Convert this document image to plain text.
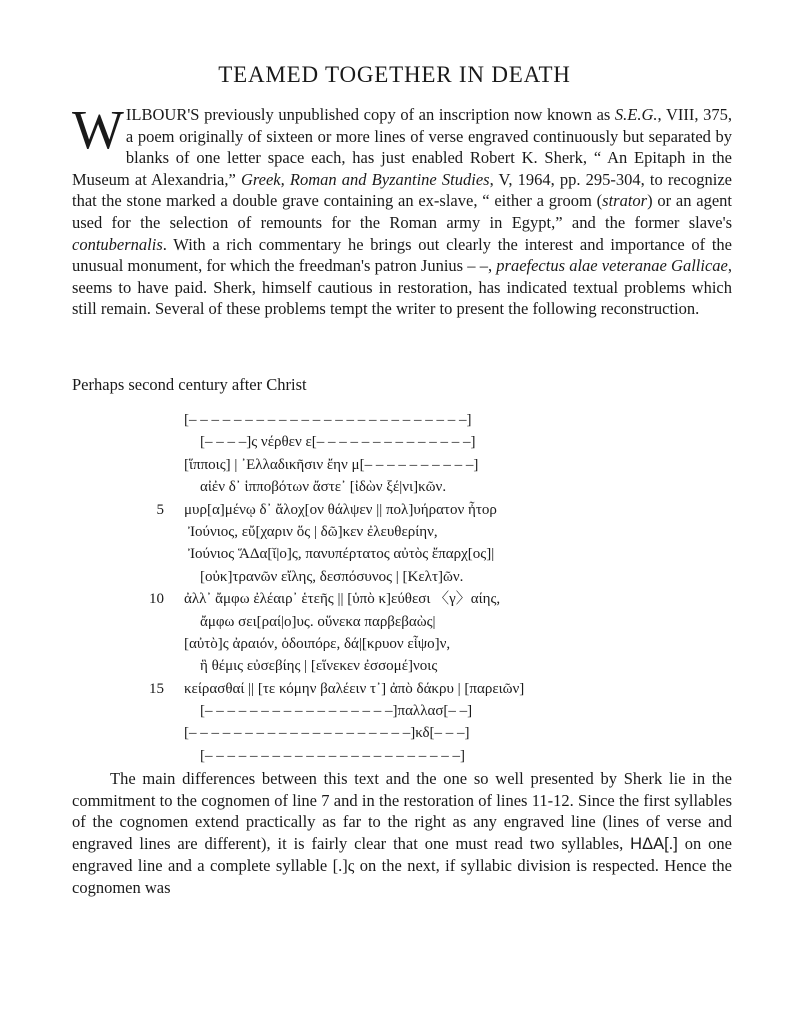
TEAMED TOGETHER IN DEATH

WILBOUR'S previously unpublished copy of an inscription now known as S.E.G., VIII, 375, a poem originally of sixteen or more lines of verse engraved continuously but separated by blanks of one letter space each, has just enabled Robert K. Sherk, “ An Epitaph in the Museum at Alexandria,” Greek, Roman and Byzantine Studies, V, 1964, pp. 295-304, to recognize that the stone marked a double grave containing an ex-slave, “ either a groom (strator) or an agent used for the selection of remounts for the Roman army in Egypt,” and the former slave's contubernalis. With a rich commentary he brings out clearly the interest and importance of the unusual monument, for which the freedman's patron Junius – –, praefectus alae veteranae Gallicae, seems to have paid. Sherk, himself cautious in restoration, has indicated textual problems which still remain. Several of these problems tempt the writer to present the following reconstruction.

Perhaps second century after Christ
[– – – – – – – – – – – – – – – – – – – – – – – – –]
[– – – –]ς νέρθεν ε[– – – – – – – – – – – – – –]
[ἵπποις] | ᾿Ελλαδικῆσιν ἔην μ[– – – – – – – – – –]
αἰἐν δ᾿ ἱπποβότων ἄστε᾿ [ἰδὼν ξέ|νι]κῶν.
5 μυρ[α]μένῳ δ᾿ ἄλοχ[ον θάλψεν || πολ]υήρατον ἦτορ
Ἰούνιος, εὔ[χαριν ὅς | δῶ]κεν ἐλευθερίην,
Ἰούνιος ἍΔα[ῐ|ο]ς, πανυπέρτατος αὐτὸς ἔπαρχ[ος]|
[οὐκ]τρανῶν εἴλης, δεσπόσυνος | [Κελτ]ῶν.
10 ἀλλ᾿ ἄμφω ἐλέαιρ᾿ ἑτεῆς || [ὑπὸ κ]εύθεσι 〈γ〉αίης,
ἄμφω σει[ραί|ο]υς. οὕνεκα παρβεβαὼς|
[αὐτὸ]ς ἀραιόν, ὁδοιπόρε, δά|[κρυον εἷψο]ν,
ἣ θέμις εὐσεβίης | [εἵνεκεν ἐσσομέ]νοις
15 κείρασθαί || [τε κόμην βαλέειν τ᾿] ἀπὸ δάκρυ | [παρειῶν]
[– – – – – – – – – – – – – – – – –]παλλασ[– –]
[– – – – – – – – – – – – – – – – – – – –]κδ[– – –]
[– – – – – – – – – – – – – – – – – – – – – – –]

The main differences between this text and the one so well presented by Sherk lie in the commitment to the cognomen of line 7 and in the restoration of lines 11-12. Since the first syllables of the cognomen extend practically as far to the right as any engraved line (lines of verse and engraved lines are different), it is fairly clear that one must read two syllables, HΔA[.] on one engraved line and a complete syllable [.]ς on the next, if syllabic division is respected. Hence the cognomen was
